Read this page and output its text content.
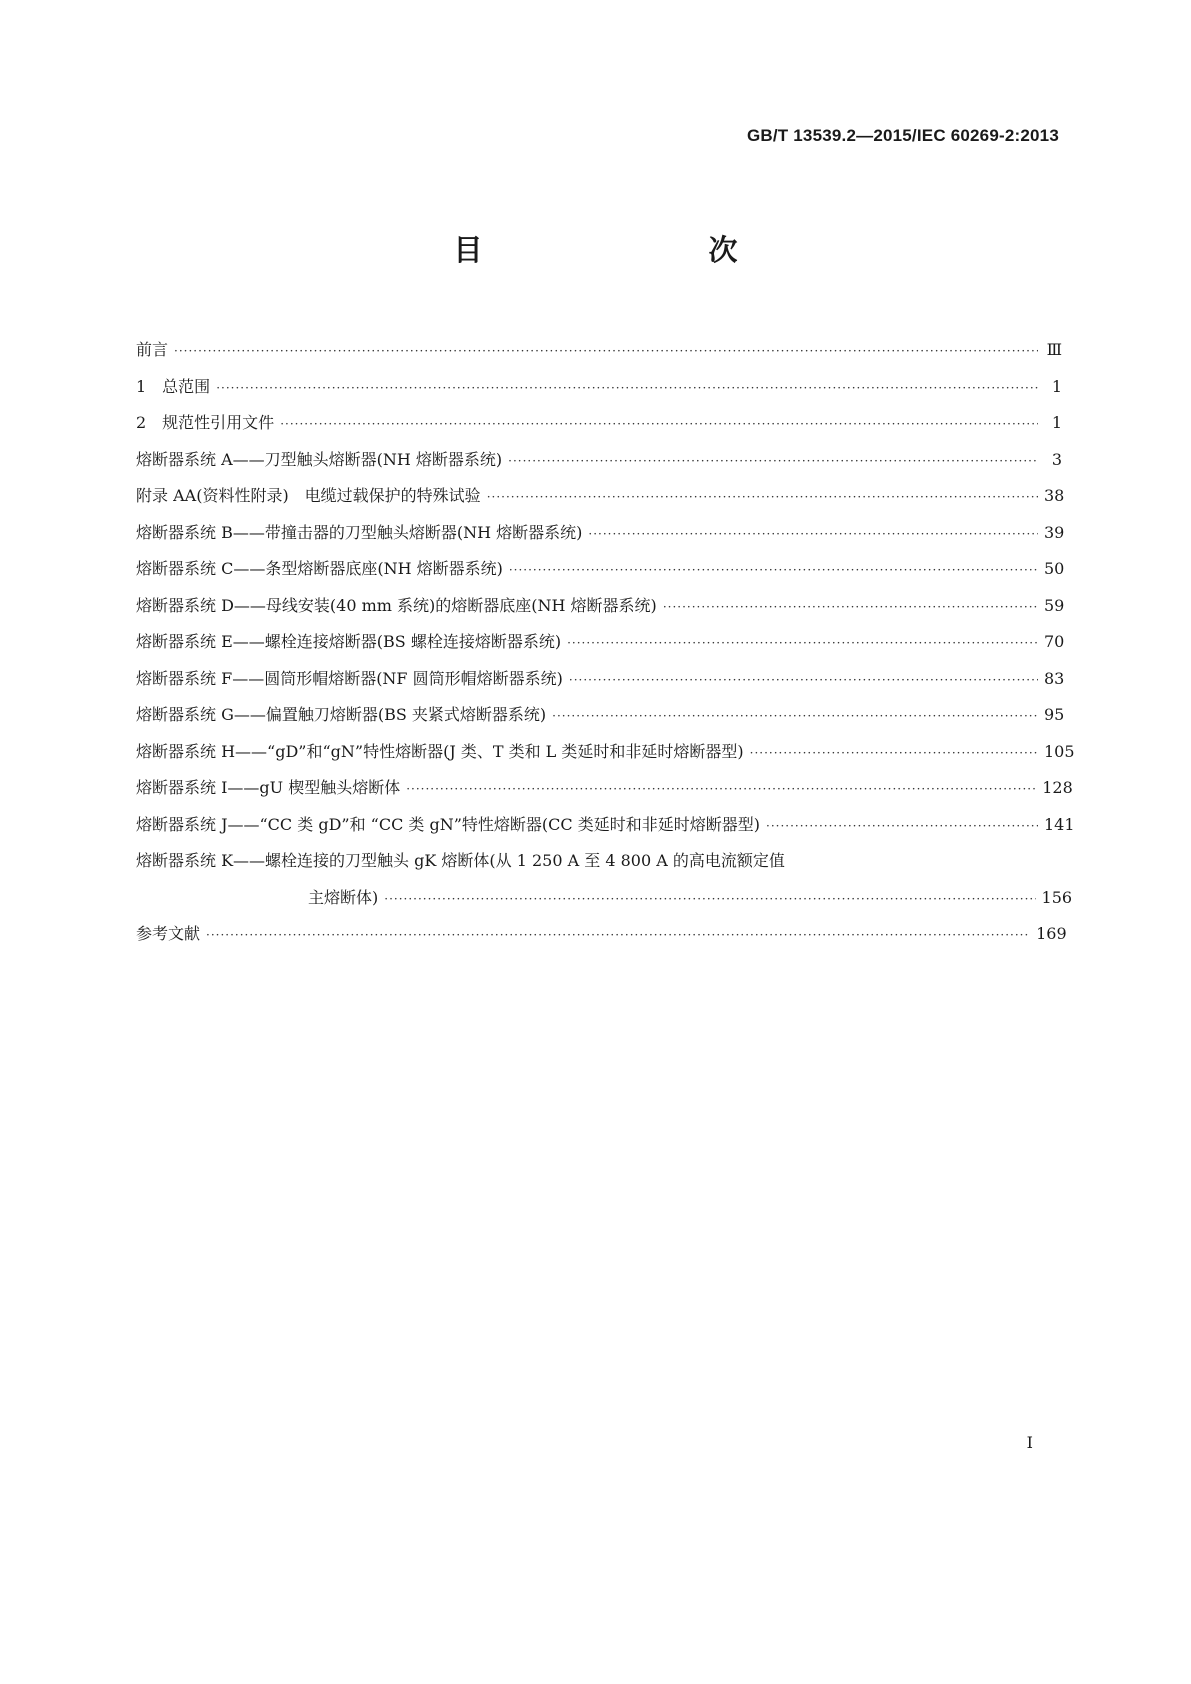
GB/T 13539.2—2015/IEC 60269-2:2013
目　　次
前言 ·····	Ⅲ
1　总范围 ·····	1
2　规范性引用文件 ·····	1
熔断器系统 A——刀型触头熔断器(NH 熔断器系统) ·····	3
附录 AA(资料性附录)　电缆过载保护的特殊试验 ·····	38
熔断器系统 B——带撞击器的刀型触头熔断器(NH 熔断器系统) ·····	39
熔断器系统 C——条型熔断器底座(NH 熔断器系统) ·····	50
熔断器系统 D——母线安装(40 mm 系统)的熔断器底座(NH 熔断器系统) ·····	59
熔断器系统 E——螺栓连接熔断器(BS 螺栓连接熔断器系统) ·····	70
熔断器系统 F——圆筒形帽熔断器(NF 圆筒形帽熔断器系统) ·····	83
熔断器系统 G——偏置触刀熔断器(BS 夹紧式熔断器系统) ·····	95
熔断器系统 H——“gD”和“gN”特性熔断器(J 类、T 类和 L 类延时和非延时熔断器型) ·····	105
熔断器系统 I——gU 楔型触头熔断体 ·····	128
熔断器系统 J——“CC 类 gD”和 “CC 类 gN”特性熔断器(CC 类延时和非延时熔断器型) ·····	141
熔断器系统 K——螺栓连接的刀型触头 gK 熔断体(从 1 250 A 至 4 800 A 的高电流额定值
主熔断体) ·····	156
参考文献 ·····	169
I
